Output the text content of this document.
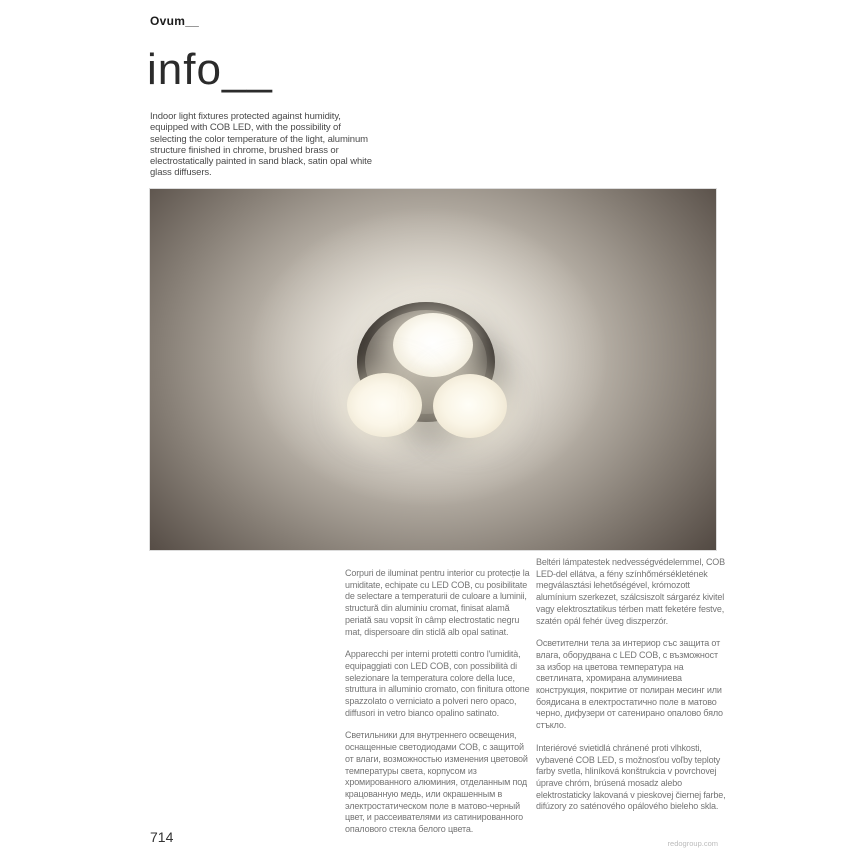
Ovum__
info__
Indoor light fixtures protected against humidity, equipped with COB LED, with the possibility of selecting the color temperature of the light, aluminum structure finished in chrome, brushed brass or electrostatically painted in sand black, satin opal white glass diffusers.

Corpuri de iluminat pentru interior cu protecție la umiditate, echipate cu LED COB, cu posibilitate de selectare a temperaturii de culoare a luminii, structură din aluminiu cromat, finisat alamă periată sau vopsit în câmp electrostatic negru mat, dispersoare din sticlă alb opal satinat.

Apparecchi per interni protetti contro l'umidità, equipaggiati con LED COB, con possibilità di selezionare la temperatura colore della luce, struttura in alluminio cromato, con finitura ottone spazzolato o verniciato a polveri nero opaco, diffusori in vetro bianco opalino satinato.

Светильники для внутреннего освещения, оснащенные светодиодами COB, с защитой от влаги, возможностью изменения цветовой температуры света, корпусом из хромированного алюминия, отделанным под крацованную медь, или окрашенным в электростатическом поле в матово-черный цвет, и рассеивателями из сатинированного опалового стекла белого цвета.

Beltéri lámpatestek nedvességvédelemmel, COB LED-del ellátva, a fény színhőmérsékletének megválasztási lehetőségével, krómozott alumínium szerkezet, szálcsiszolt sárgaréz kivitel vagy elektrosztatikus térben matt feketére festve, szatén opál fehér üveg diszperzór.

Осветителни тела за интериор със защита от влага, оборудвана с LED COB, с възможност за избор на цветова температура на светлината, хромирана алуминиева конструкция, покритие от полиран месинг или боядисана в електростатично поле в матово черно, дифузери от сатенирано опалово бяло стъкло.

Interiérové svietidlá chránené proti vlhkosti, vybavené COB LED, s možnosťou voľby teploty farby svetla, hliníková konštrukcia v povrchovej úprave chróm, brúsená mosadz alebo elektrostaticky lakovaná v pieskovej čiernej farbe, difúzory zo saténového opálového bieleho skla.

714	redogroup.com
